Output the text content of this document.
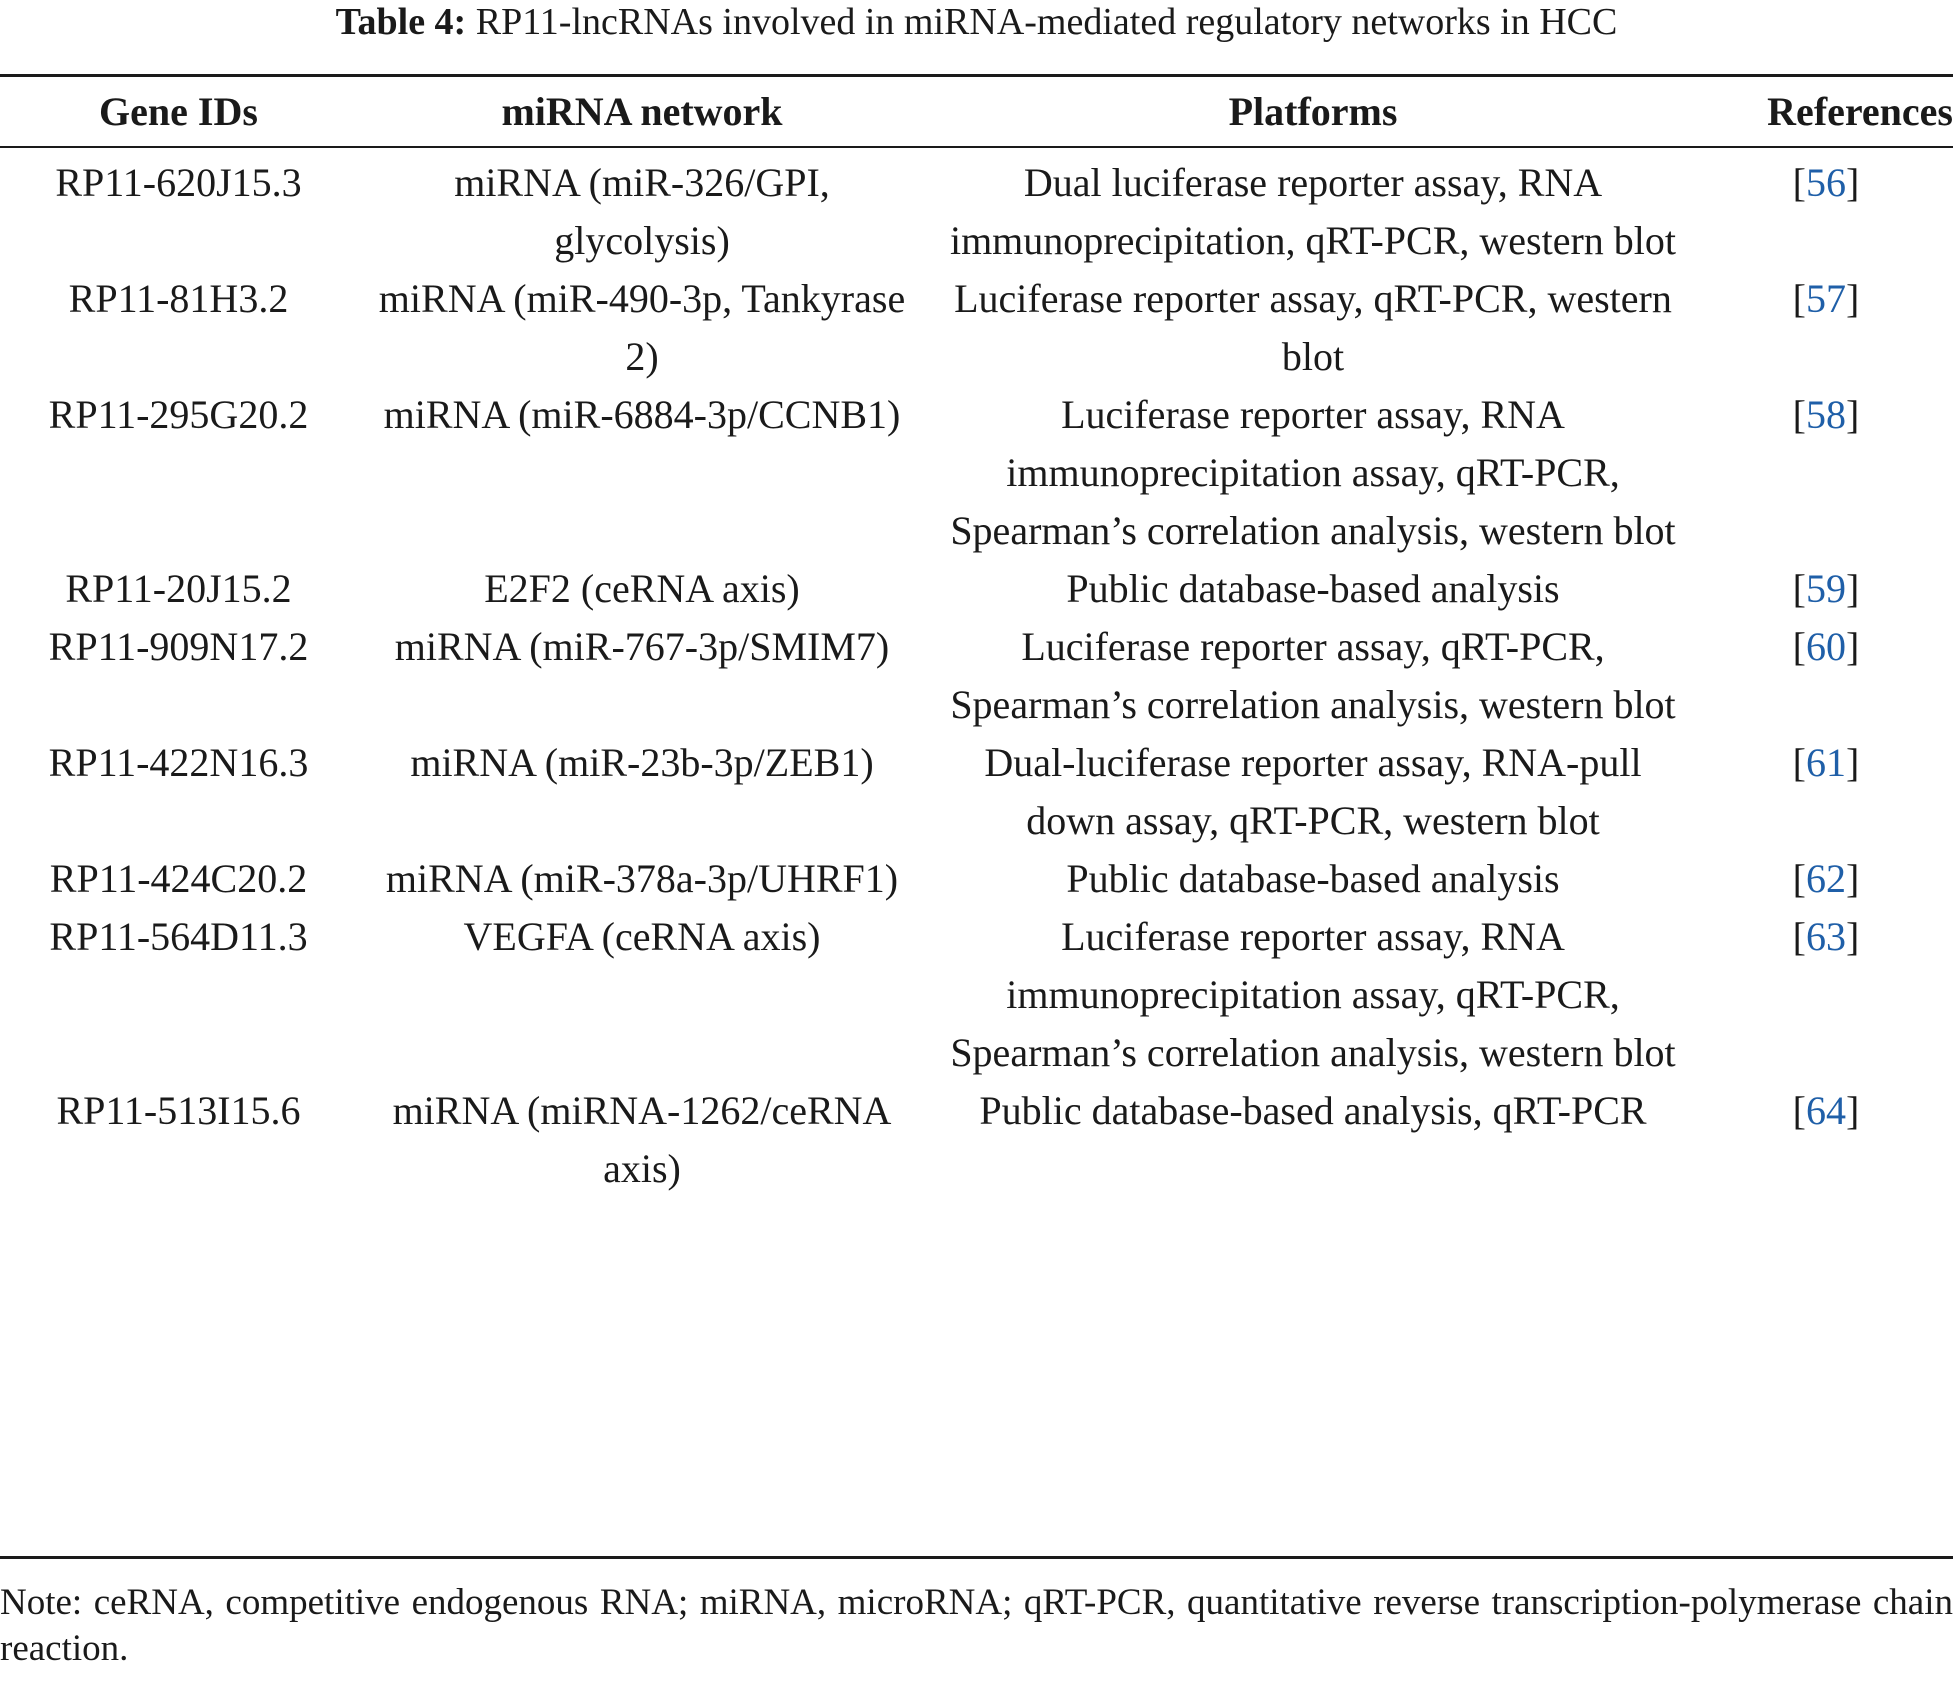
Table 4: RP11-lncRNAs involved in miRNA-mediated regulatory networks in HCC
Gene IDs	miRNA network	Platforms	References
RP11-620J15.3	miRNA (miR-326/GPI, glycolysis)	Dual luciferase reporter assay, RNA immunoprecipitation, qRT-PCR, western blot	[56]
RP11-81H3.2	miRNA (miR-490-3p, Tankyrase 2)	Luciferase reporter assay, qRT-PCR, western blot	[57]
RP11-295G20.2	miRNA (miR-6884-3p/CCNB1)	Luciferase reporter assay, RNA immunoprecipitation assay, qRT-PCR, Spearman’s correlation analysis, western blot	[58]
RP11-20J15.2	E2F2 (ceRNA axis)	Public database-based analysis	[59]
RP11-909N17.2	miRNA (miR-767-3p/SMIM7)	Luciferase reporter assay, qRT-PCR, Spearman’s correlation analysis, western blot	[60]
RP11-422N16.3	miRNA (miR-23b-3p/ZEB1)	Dual-luciferase reporter assay, RNA-pull down assay, qRT-PCR, western blot	[61]
RP11-424C20.2	miRNA (miR-378a-3p/UHRF1)	Public database-based analysis	[62]
RP11-564D11.3	VEGFA (ceRNA axis)	Luciferase reporter assay, RNA immunoprecipitation assay, qRT-PCR, Spearman’s correlation analysis, western blot	[63]
RP11-513I15.6	miRNA (miRNA-1262/ceRNA axis)	Public database-based analysis, qRT-PCR	[64]
Note: ceRNA, competitive endogenous RNA; miRNA, microRNA; qRT-PCR, quantitative reverse transcription-polymerase chain reaction.
